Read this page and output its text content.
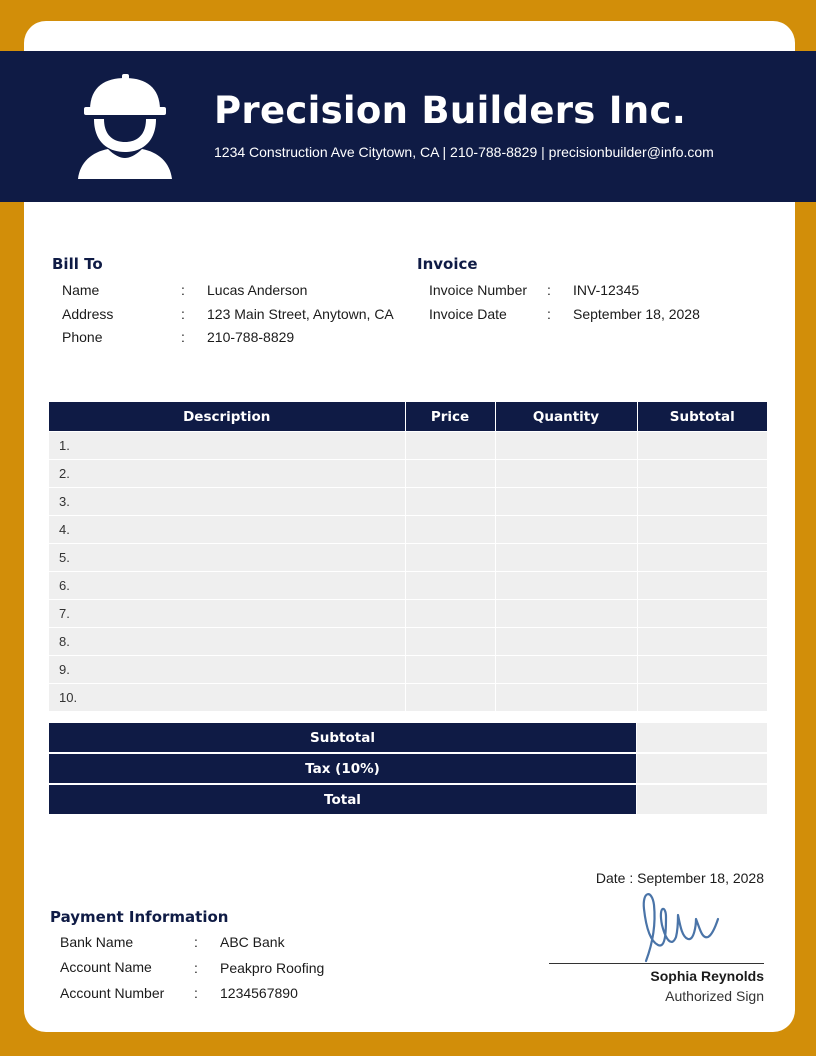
Precision Builders Inc.
1234 Construction Ave Citytown, CA | 210-788-8829 | precisionbuilder@info.com
Bill To
Name	: Lucas Anderson
Address	: 123 Main Street, Anytown, CA
Phone	: 210-788-8829
Invoice
Invoice Number : INV-12345
Invoice Date	: September 18, 2028
Description	Price	Quantity	Subtotal
1.			
2.			
3.			
4.			
5.			
6.			
7.			
8.			
9.			
10.			
Subtotal
Tax (10%)
Total
Payment Information
Bank Name	: ABC Bank
Account Name	: Peakpro Roofing
Account Number : 1234567890
Date : September 18, 2028
Sophia Reynolds
Authorized Sign
